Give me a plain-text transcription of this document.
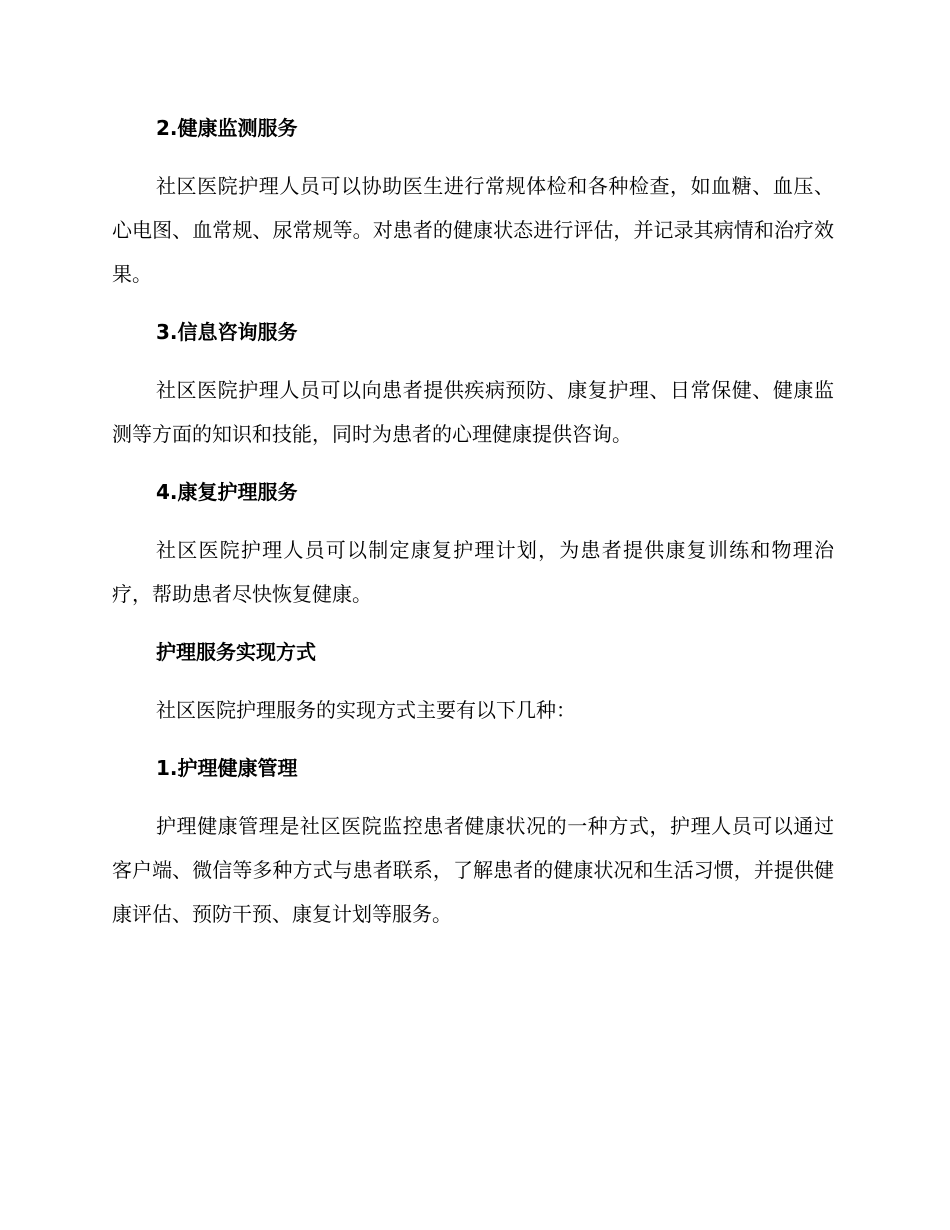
2.健康监测服务
社区医院护理人员可以协助医生进行常规体检和各种检查，如血糖、血压、心电图、血常规、尿常规等。对患者的健康状态进行评估，并记录其病情和治疗效果。
3.信息咨询服务
社区医院护理人员可以向患者提供疾病预防、康复护理、日常保健、健康监测等方面的知识和技能，同时为患者的心理健康提供咨询。
4.康复护理服务
社区医院护理人员可以制定康复护理计划，为患者提供康复训练和物理治疗，帮助患者尽快恢复健康。
护理服务实现方式
社区医院护理服务的实现方式主要有以下几种：
1.护理健康管理
护理健康管理是社区医院监控患者健康状况的一种方式，护理人员可以通过客户端、微信等多种方式与患者联系，了解患者的健康状况和生活习惯，并提供健康评估、预防干预、康复计划等服务。
